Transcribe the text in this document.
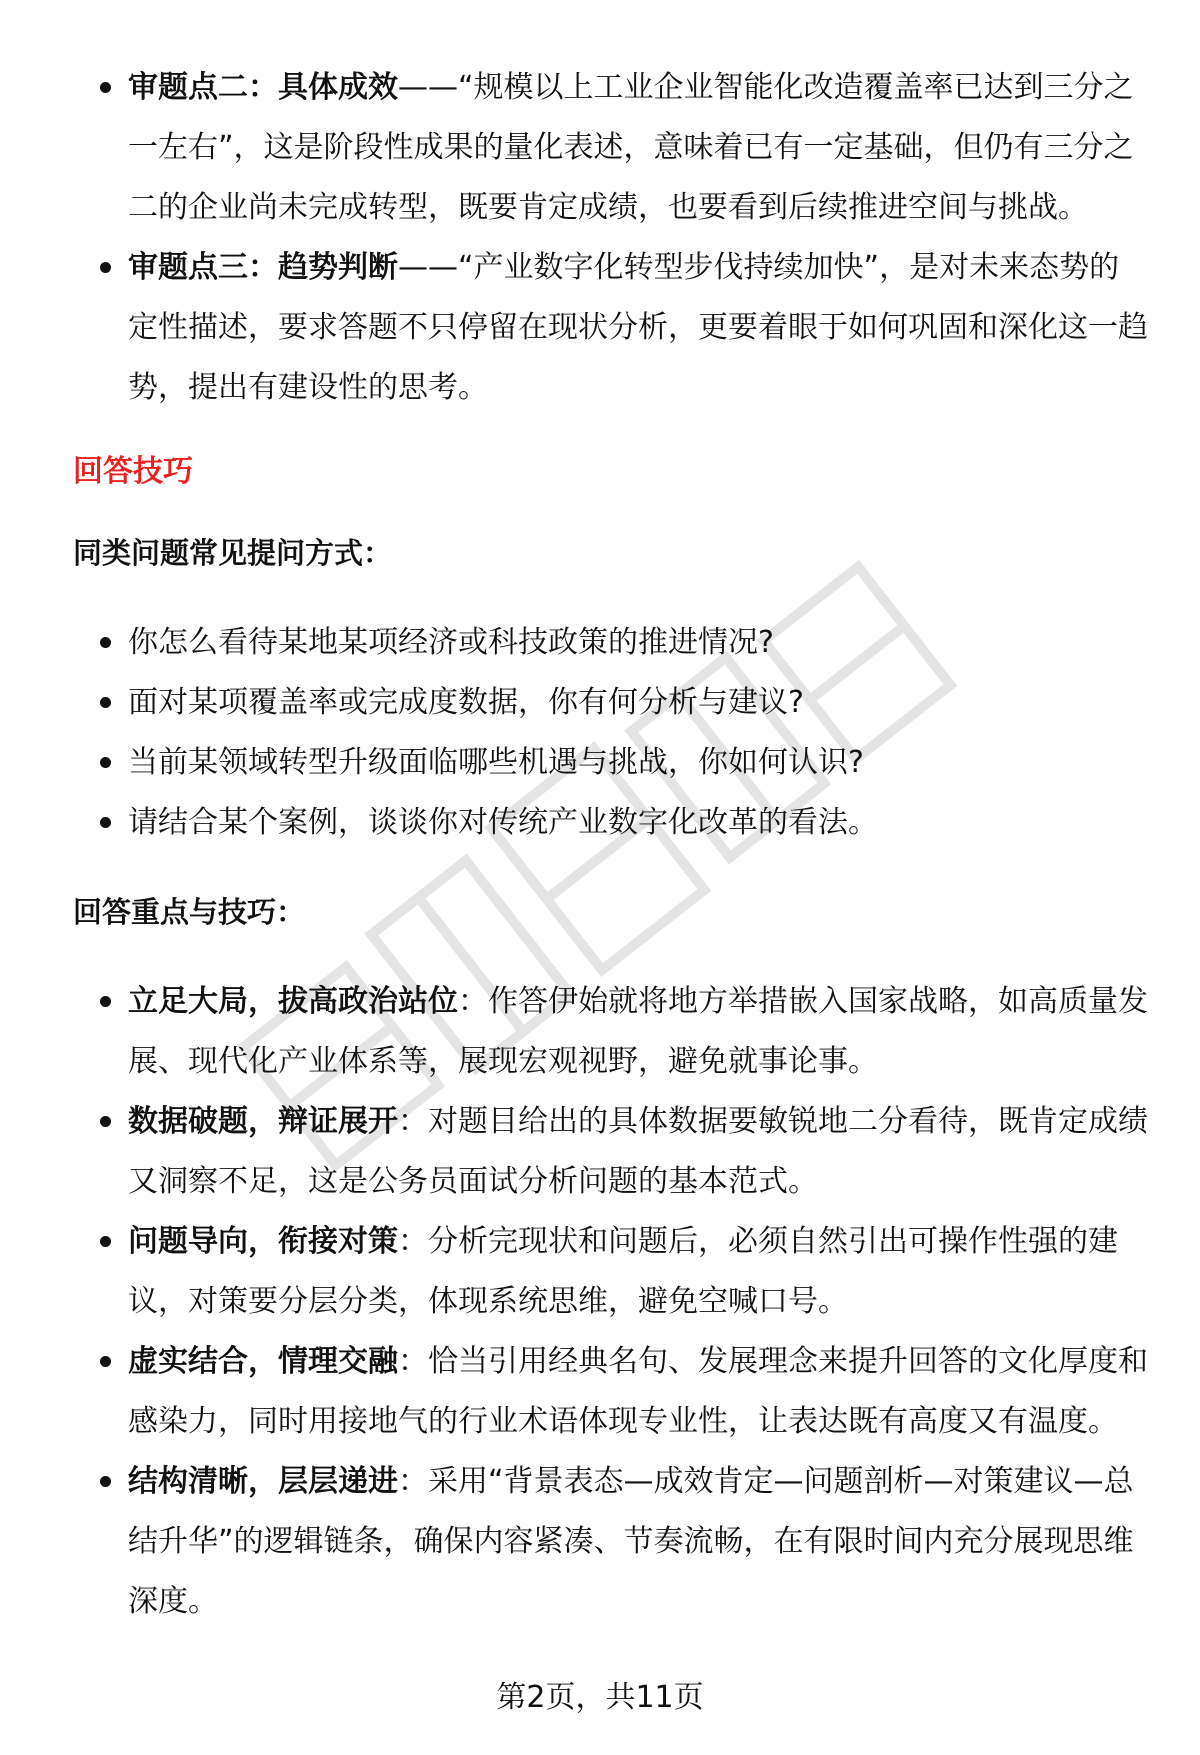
审题点二：具体成效——“规模以上工业企业智能化改造覆盖率已达到三分之一左右”，这是阶段性成果的量化表述，意味着已有一定基础，但仍有三分之二的企业尚未完成转型，既要肯定成绩，也要看到后续推进空间与挑战。
审题点三：趋势判断——“产业数字化转型步伐持续加快”，是对未来态势的定性描述，要求答题不只停留在现状分析，更要着眼于如何巩固和深化这一趋势，提出有建设性的思考。
回答技巧
同类问题常见提问方式：
你怎么看待某地某项经济或科技政策的推进情况?
面对某项覆盖率或完成度数据，你有何分析与建议?
当前某领域转型升级面临哪些机遇与挑战，你如何认识?
请结合某个案例，谈谈你对传统产业数字化改革的看法。
回答重点与技巧：
立足大局，拔高政治站位：作答伊始就将地方举措嵌入国家战略，如高质量发展、现代化产业体系等，展现宏观视野，避免就事论事。
数据破题，辩证展开：对题目给出的具体数据要敏锐地二分看待，既肯定成绩又洞察不足，这是公务员面试分析问题的基本范式。
问题导向，衔接对策：分析完现状和问题后，必须自然引出可操作性强的建议，对策要分层分类，体现系统思维，避免空喊口号。
虚实结合，情理交融：恰当引用经典名句、发展理念来提升回答的文化厚度和感染力，同时用接地气的行业术语体现专业性，让表达既有高度又有温度。
结构清晰，层层递进：采用“背景表态—成效肯定—问题剖析—对策建议—总结升华”的逻辑链条，确保内容紧凑、节奏流畅，在有限时间内充分展现思维深度。
第2页，共11页
